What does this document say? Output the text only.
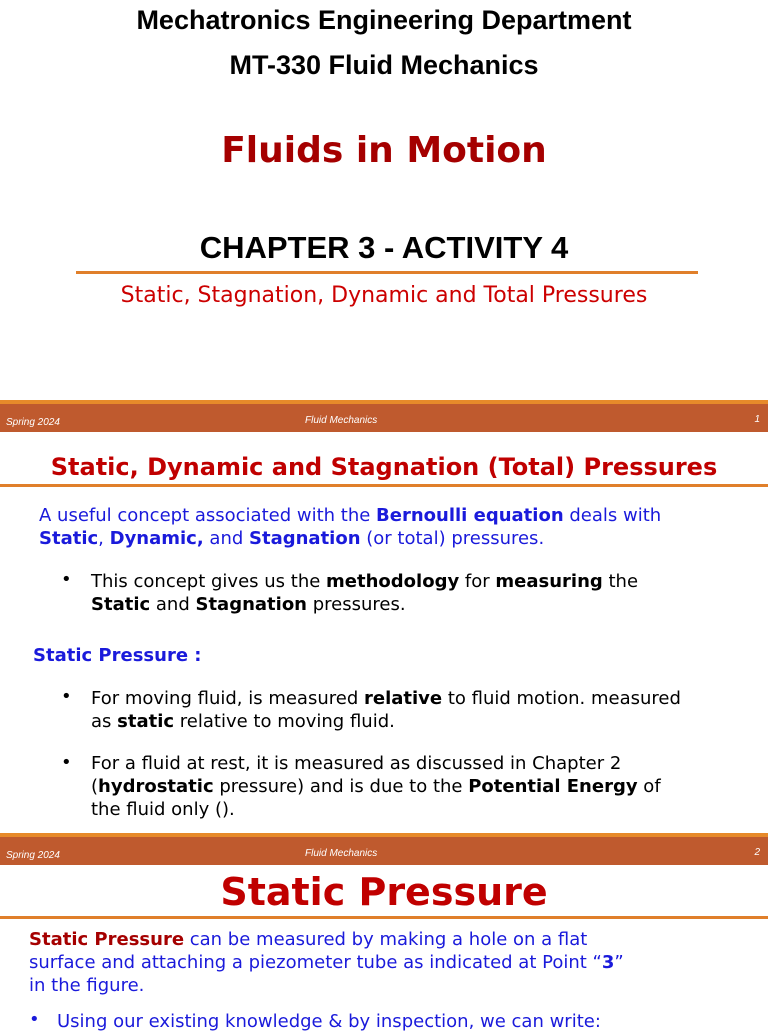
Mechatronics Engineering Department
MT-330 Fluid Mechanics
Fluids in Motion
CHAPTER 3 - ACTIVITY 4
Static, Stagnation, Dynamic and Total Pressures
Spring 2024	Fluid Mechanics	1
Static, Dynamic and Stagnation (Total) Pressures
A useful concept associated with the Bernoulli equation deals with
Static, Dynamic, and Stagnation (or total) pressures.
• This concept gives us the methodology for measuring the
Static and Stagnation pressures.
Static Pressure :
• For moving fluid, is measured relative to fluid motion. measured
as static relative to moving fluid.
• For a fluid at rest, it is measured as discussed in Chapter 2
(hydrostatic pressure) and is due to the Potential Energy of
the fluid only ().
Spring 2024	Fluid Mechanics	2
Static Pressure
Static Pressure can be measured by making a hole on a flat
surface and attaching a piezometer tube as indicated at Point “3”
in the figure.
• Using our existing knowledge & by inspection, we can write:
